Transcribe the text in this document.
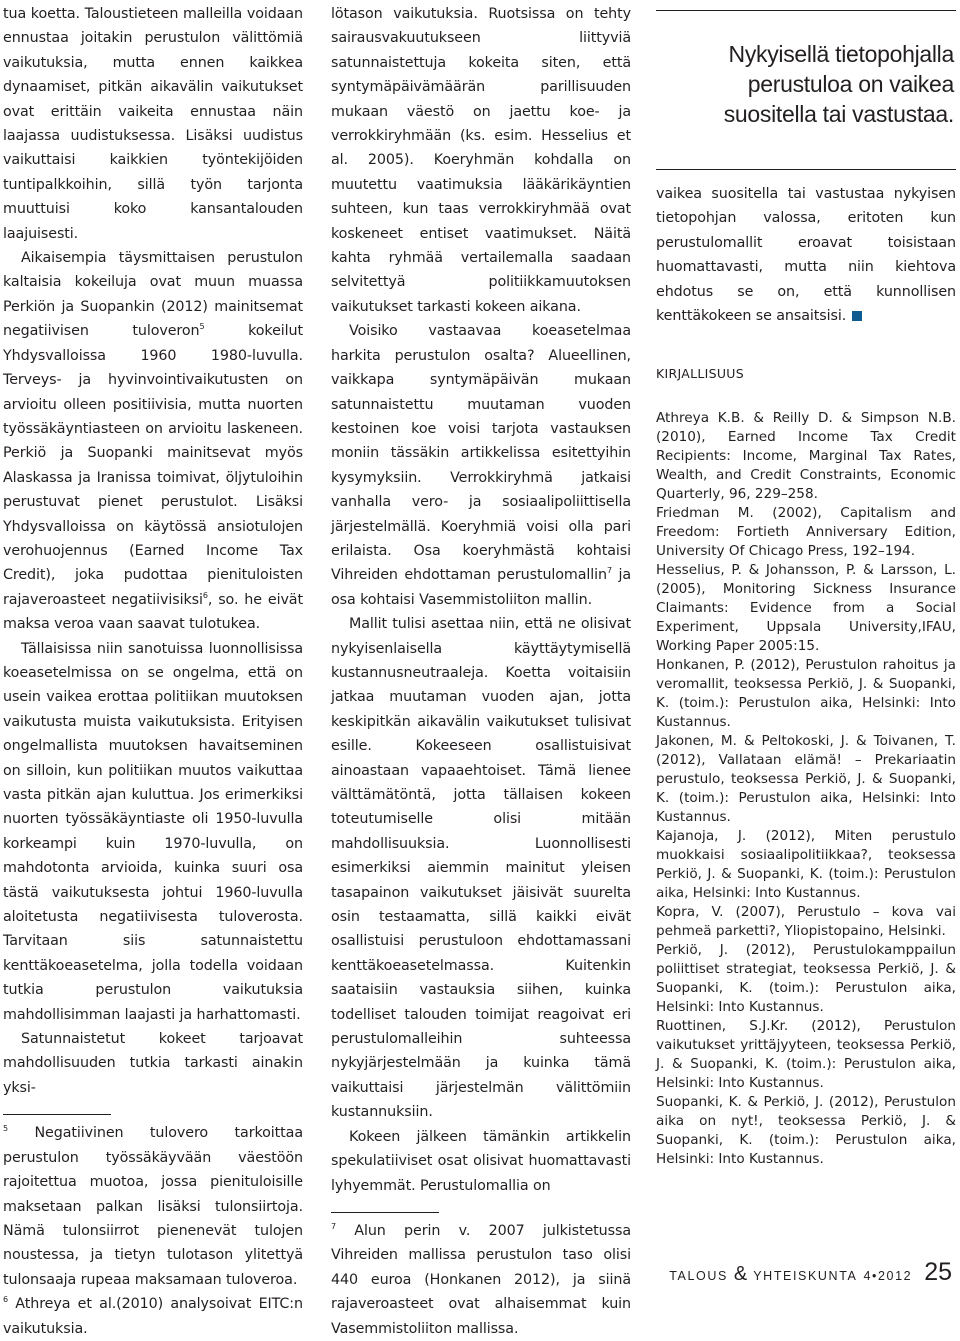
tua koetta. Taloustieteen malleilla voidaan ennustaa joitakin perustulon välittömiä vaikutuksia, mutta ennen kaikkea dynaamiset, pitkän aikavälin vaikutukset ovat erittäin vaikeita ennustaa näin laajassa uudistuksessa. Lisäksi uudistus vaikuttaisi kaikkien työntekijöiden tuntipalkkoihin, sillä työn tarjonta muuttuisi koko kansantalouden laajuisesti.

Aikaisempia täysmittaisen perustulon kaltaisia kokeiluja ovat muun muassa Perkiön ja Suopankin (2012) mainitsemat negatiivisen tuloveron$^5$ kokeilut Yhdysvalloissa 1960 1980-luvulla. Terveys- ja hyvinvointivaikutusten on arvioitu olleen positiivisia, mutta nuorten työssäkäyntiasteen on arvioitu laskeneen. Perkiö ja Suopanki mainitsevat myös Alaskassa ja Iranissa toimivat, öljytuloihin perustuvat pienet perustulot. Lisäksi Yhdysvalloissa on käytössä ansiotulojen verohuojennus (Earned Income Tax Credit), joka pudottaa pienituloisten rajaveroasteet negatiivisiksi$^6$, so. he eivät maksa veroa vaan saavat tulotukea.

Tällaisissa niin sanotuissa luonnollisissa koeasetelmissa on se ongelma, että on usein vaikea erottaa politiikan muutoksen vaikutusta muista vaikutuksista. Erityisen ongelmallista muutoksen havaitseminen on silloin, kun politiikan muutos vaikuttaa vasta pitkän ajan kuluttua. Jos erimerkiksi nuorten työssäkäyntiaste oli 1950-luvulla korkeampi kuin 1970-luvulla, on mahdotonta arvioida, kuinka suuri osa tästä vaikutuksesta johtui 1960-luvulla aloitetusta negatiivisesta tuloverosta. Tarvitaan siis satunnaistettu kenttäkoeasetelma, jolla todella voidaan tutkia perustulon vaikutuksia mahdollisimman laajasti ja harhattomasti.

Satunnaistetut kokeet tarjoavat mahdollisuuden tutkia tarkasti ainakin yksi-

$^5$ Negatiivinen tulovero tarkoittaa perustulon työssäkäyvään väestöön rajoitettua muotoa, jossa pienituloisille maksetaan palkan lisäksi tulonsiirtoja. Nämä tulonsiirrot pienenevät tulojen noustessa, ja tietyn tulotason ylitettyä tulonsaaja rupeaa maksamaan tuloveroa.

$^6$ Athreya et al.(2010) analysoivat EITC:n vaikutuksia.

lötason vaikutuksia. Ruotsissa on tehty sairausvakuutukseen liittyviä satunnaistettuja kokeita siten, että syntymäpäivämäärän parillisuuden mukaan väestö on jaettu koe- ja verrokkiryhmään (ks. esim. Hesselius et al. 2005). Koeryhmän kohdalla on muutettu vaatimuksia lääkärikäyntien suhteen, kun taas verrokkiryhmää ovat koskeneet entiset vaatimukset. Näitä kahta ryhmää vertailemalla saadaan selvitettyä politiikkamuutoksen vaikutukset tarkasti kokeen aikana.

Voisiko vastaavaa koeasetelmaa harkita perustulon osalta? Alueellinen, vaikkapa syntymäpäivän mukaan satunnaistettu muutaman vuoden kestoinen koe voisi tarjota vastauksen moniin tässäkin artikkelissa esitettyihin kysymyksiin. Verrokkiryhmä jatkaisi vanhalla vero- ja sosiaalipoliittisella järjestelmällä. Koeryhmiä voisi olla pari erilaista. Osa koeryhmästä kohtaisi Vihreiden ehdottaman perustulomallin$^7$ ja osa kohtaisi Vasemmistoliiton mallin.

Mallit tulisi asettaa niin, että ne olisivat nykyisenlaisella käyttäytymisellä kustannusneutraaleja. Koetta voitaisiin jatkaa muutaman vuoden ajan, jotta keskipitkän aikavälin vaikutukset tulisivat esille. Kokeeseen osallistuisivat ainoastaan vapaaehtoiset. Tämä lienee välttämätöntä, jotta tällaisen kokeen toteutumiselle olisi mitään mahdollisuuksia. Luonnollisesti esimerkiksi aiemmin mainitut yleisen tasapainon vaikutukset jäisivät suurelta osin testaamatta, sillä kaikki eivät osallistuisi perustuloon ehdottamassani kenttäkoeasetelmassa. Kuitenkin saataisiin vastauksia siihen, kuinka todelliset talouden toimijat reagoivat eri perustulomalleihin suhteessa nykyjärjestelmään ja kuinka tämä vaikuttaisi järjestelmän välittömiin kustannuksiin.

Kokeen jälkeen tämänkin artikkelin spekulatiiviset osat olisivat huomattavasti lyhyemmät. Perustulomallia on

$^7$ Alun perin v. 2007 julkistetussa Vihreiden mallissa perustulon taso olisi 440 euroa (Honkanen 2012), ja siinä rajaveroasteet ovat alhaisemmat kuin Vasemmistoliiton mallissa.

Nykyisellä tietopohjalla perustuloa on vaikea suositella tai vastustaa.

vaikea suositella tai vastustaa nykyisen tietopohjan valossa, eritoten kun perustulomallit eroavat toisistaan huomattavasti, mutta niin kiehtova ehdotus se on, että kunnollisen kenttäkokeen se ansaitsisi.

KIRJALLISUUS

Athreya K.B. & Reilly D. & Simpson N.B. (2010), Earned Income Tax Credit Recipients: Income, Marginal Tax Rates, Wealth, and Credit Constraints, Economic Quarterly, 96, 229–258.

Friedman M. (2002), Capitalism and Freedom: Fortieth Anniversary Edition, University Of Chicago Press, 192–194.

Hesselius, P. & Johansson, P. & Larsson, L. (2005), Monitoring Sickness Insurance Claimants: Evidence from a Social Experiment, Uppsala University,IFAU, Working Paper 2005:15.

Honkanen, P. (2012), Perustulon rahoitus ja veromallit, teoksessa Perkiö, J. & Suopanki, K. (toim.): Perustulon aika, Helsinki: Into Kustannus.

Jakonen, M. & Peltokoski, J. & Toivanen, T. (2012), Vallataan elämä! – Prekariaatin perustulo, teoksessa Perkiö, J. & Suopanki, K. (toim.): Perustulon aika, Helsinki: Into Kustannus.

Kajanoja, J. (2012), Miten perustulo muokkaisi sosiaalipolitiikkaa?, teoksessa Perkiö, J. & Suopanki, K. (toim.): Perustulon aika, Helsinki: Into Kustannus.

Kopra, V. (2007), Perustulo – kova vai pehmeä parketti?, Yliopistopaino, Helsinki.

Perkiö, J. (2012), Perustulokamppailun poliittiset strategiat, teoksessa Perkiö, J. & Suopanki, K. (toim.): Perustulon aika, Helsinki: Into Kustannus.

Ruottinen, S.J.Kr. (2012), Perustulon vaikutukset yrittäjyyteen, teoksessa Perkiö, J. & Suopanki, K. (toim.): Perustulon aika, Helsinki: Into Kustannus.

Suopanki, K. & Perkiö, J. (2012), Perustulon aika on nyt!, teoksessa Perkiö, J. & Suopanki, K. (toim.): Perustulon aika, Helsinki: Into Kustannus.

TALOUS & YHTEISKUNTA 4•2012 25
